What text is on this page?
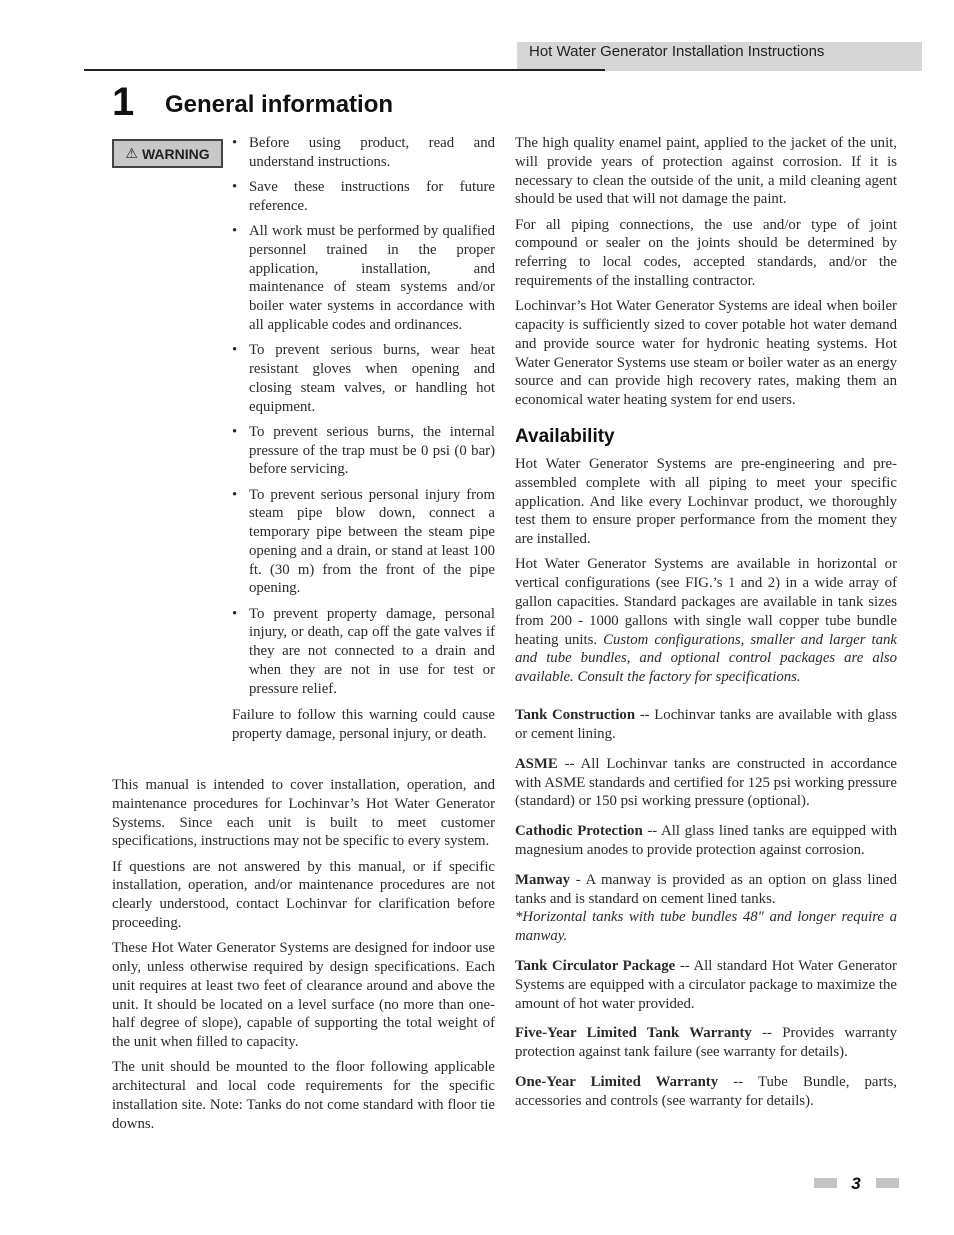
Hot Water Generator Installation Instructions
1 General information
⚠ WARNING
• Before using product, read and understand instructions.
• Save these instructions for future reference.
• All work must be performed by qualified personnel trained in the proper application, installation, and maintenance of steam systems and/or boiler water systems in accordance with all applicable codes and ordinances.
• To prevent serious burns, wear heat resistant gloves when opening and closing steam valves, or handling hot equipment.
• To prevent serious burns, the internal pressure of the trap must be 0 psi (0 bar) before servicing.
• To prevent serious personal injury from steam pipe blow down, connect a temporary pipe between the steam pipe opening and a drain, or stand at least 100 ft. (30 m) from the front of the pipe opening.
• To prevent property damage, personal injury, or death, cap off the gate valves if they are not connected to a drain and when they are not in use for test or pressure relief.

Failure to follow this warning could cause property damage, personal injury, or death.

This manual is intended to cover installation, operation, and maintenance procedures for Lochinvar’s Hot Water Generator Systems. Since each unit is built to meet customer specifications, instructions may not be specific to every system.

If questions are not answered by this manual, or if specific installation, operation, and/or maintenance procedures are not clearly understood, contact Lochinvar for clarification before proceeding.

These Hot Water Generator Systems are designed for indoor use only, unless otherwise required by design specifications. Each unit requires at least two feet of clearance around and above the unit. It should be located on a level surface (no more than one-half degree of slope), capable of supporting the total weight of the unit when filled to capacity.

The unit should be mounted to the floor following applicable architectural and local code requirements for the specific installation site. Note: Tanks do not come standard with floor tie downs.

The high quality enamel paint, applied to the jacket of the unit, will provide years of protection against corrosion. If it is necessary to clean the outside of the unit, a mild cleaning agent should be used that will not damage the paint.

For all piping connections, the use and/or type of joint compound or sealer on the joints should be determined by referring to local codes, accepted standards, and/or the requirements of the installing contractor.

Lochinvar’s Hot Water Generator Systems are ideal when boiler capacity is sufficiently sized to cover potable hot water demand and provide source water for hydronic heating systems. Hot Water Generator Systems use steam or boiler water as an energy source and can provide high recovery rates, making them an economical water heating system for end users.

Availability

Hot Water Generator Systems are pre-engineering and pre-assembled complete with all piping to meet your specific application. And like every Lochinvar product, we thoroughly test them to ensure proper performance from the moment they are installed.

Hot Water Generator Systems are available in horizontal or vertical configurations (see FIG.’s 1 and 2) in a wide array of gallon capacities. Standard packages are available in tank sizes from 200 - 1000 gallons with single wall copper tube bundle heating units. Custom configurations, smaller and larger tank and tube bundles, and optional control packages are also available. Consult the factory for specifications.

Tank Construction -- Lochinvar tanks are available with glass or cement lining.

ASME -- All Lochinvar tanks are constructed in accordance with ASME standards and certified for 125 psi working pressure (standard) or 150 psi working pressure (optional).

Cathodic Protection -- All glass lined tanks are equipped with magnesium anodes to provide protection against corrosion.

Manway - A manway is provided as an option on glass lined tanks and is standard on cement lined tanks.
*Horizontal tanks with tube bundles 48" and longer require a manway.

Tank Circulator Package -- All standard Hot Water Generator Systems are equipped with a circulator package to maximize the amount of hot water provided.

Five-Year Limited Tank Warranty -- Provides warranty protection against tank failure (see warranty for details).

One-Year Limited Warranty -- Tube Bundle, parts, accessories and controls (see warranty for details).

3
